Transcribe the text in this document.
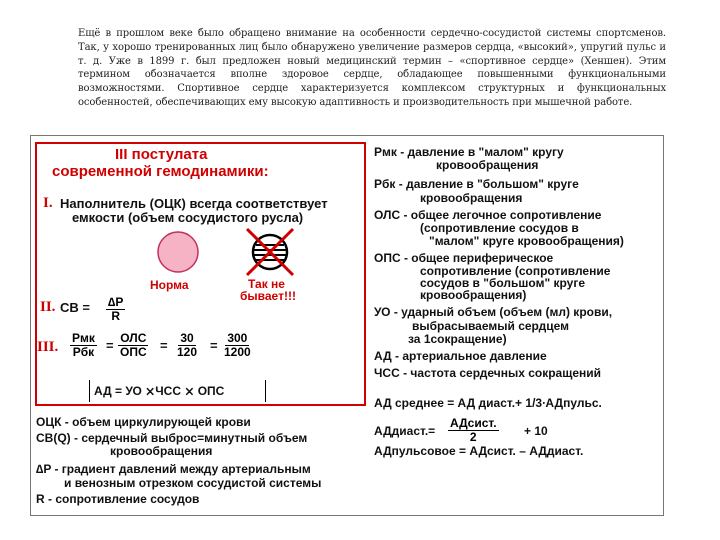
Ещё в прошлом веке было обращено внимание на особенности сердечно-сосудистой системы спортсменов. Так, у хорошо тренированных лиц было обнаружено увеличение размеров сердца, «высокий», упругий пульс и т. д. Уже в 1899 г. был предложен новый медицинский термин – «спортивное сердце» (Хеншен). Этим термином обозначается вполне здоровое сердце, обладающее повышенными функциональными возможностями. Спортивное сердце характеризуется комплексом структурных и функциональных особенностей, обеспечивающих ему высокую адаптивность и производительность при мышечной работе.
III постулата
современной гемодинамики:
I. Наполнитель (ОЦК) всегда соответствует
емкости (объем сосудистого русла)
Норма	Так не
бывает!!!
II. СВ = $\frac{\Delta P}{R}$
III.
Pмк
Pбк = ОЛС
ОПС = $\frac{30}{120} = \frac{300}{1200}$
АД = УО ⨯ЧСС ⨯ ОПС
ОЦК - объем циркулирующей крови
СВ(Q) - сердечный выброс=минутный объем
кровообращения
∆P - градиент давлений между артериальным
и венозным отрезком сосудистой системы
R - сопротивление сосудов
Pмк - давление в "малом" кругу
кровообращения
Pбк - давление в "большом" круге
кровообращения
ОЛС - общее легочное сопротивление
(сопротивление сосудов в
"малом" круге кровообращения)
ОПС - общее периферическое
сопротивление (сопротивление
сосудов в "большом" круге
кровообращения)
УО - ударный объем (объем (мл) крови,
выбрасываемый сердцем
за 1сокращение)
АД - артериальное давление
ЧСС - частота сердечных сокращений
АД среднее = АД диаст.+ 1/3∙АДпульс.
АДдиаст.=
АДсист.
2	+ 10
АДпульсовое = АДсист. – АДдиаст.
